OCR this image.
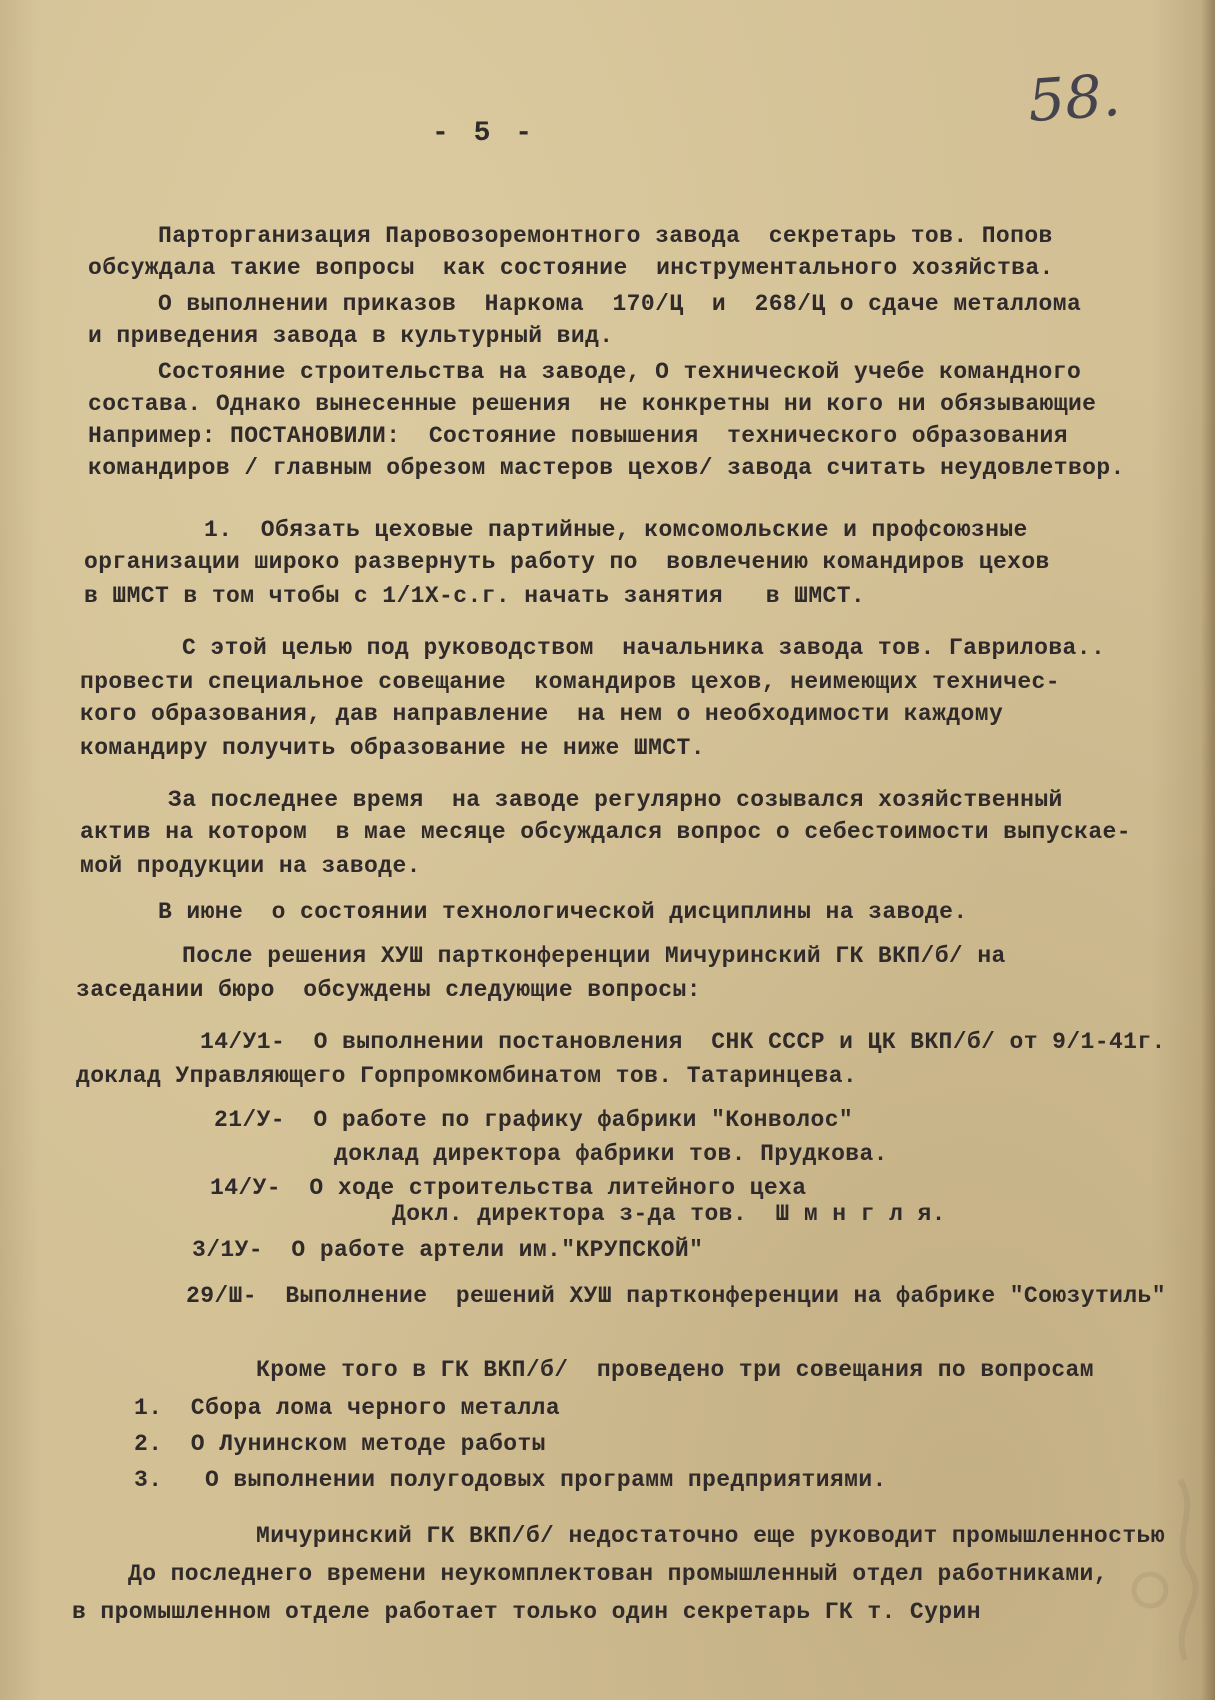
58.
- 5 -
Парторганизация Паровозоремонтного завода  секретарь тов. Попов
обсуждала такие вопросы  как состояние  инструментального хозяйства.
О выполнении приказов  Наркома  170/Ц  и  268/Ц о сдаче металлома
и приведения завода в культурный вид.
Состояние строительства на заводе, О технической учебе командного
состава. Однако вынесенные решения  не конкретны ни кого ни обязывающие
Например: ПОСТАНОВИЛИ:  Состояние повышения  технического образования
командиров / главным обрезом мастеров цехов/ завода считать неудовлетвор.
1.  Обязать цеховые партийные, комсомольские и профсоюзные
организации широко развернуть работу по  вовлечению командиров цехов
в ШМСТ в том чтобы с 1/1Х-с.г. начать занятия   в ШМСТ.
С этой целью под руководством  начальника завода тов. Гаврилова..
провести специальное совещание  командиров цехов, неимеющих техничес-
кого образования, дав направление  на нем о необходимости каждому
командиру получить образование не ниже ШМСТ.
За последнее время  на заводе регулярно созывался хозяйственный
актив на котором  в мае месяце обсуждался вопрос о себестоимости выпускае-
мой продукции на заводе.
В июне  о состоянии технологической дисциплины на заводе.
После решения ХУШ партконференции Мичуринский ГК ВКП/б/ на
заседании бюро  обсуждены следующие вопросы:
14/У1-  О выполнении постановления  СНК СССР и ЦК ВКП/б/ от 9/1-41г.
доклад Управляющего Горпромкомбинатом тов. Татаринцева.
21/У-  О работе по графику фабрики "Конволос"
доклад директора фабрики тов. Прудкова.
14/У-  О ходе строительства литейного цеха
Докл. директора з-да тов.  Ш м н г л я.
3/1У-  О работе артели им."КРУПСКОЙ"
29/Ш-  Выполнение  решений ХУШ партконференции на фабрике "Союзутиль"
Кроме того в ГК ВКП/б/  проведено три совещания по вопросам
1.  Сбора лома черного металла
2.  О Лунинском методе работы
3.   О выполнении полугодовых программ предприятиями.
Мичуринский ГК ВКП/б/ недостаточно еще руководит промышленностью
До последнего времени неукомплектован промышленный отдел работниками,
в промышленном отделе работает только один секретарь ГК т. Сурин
